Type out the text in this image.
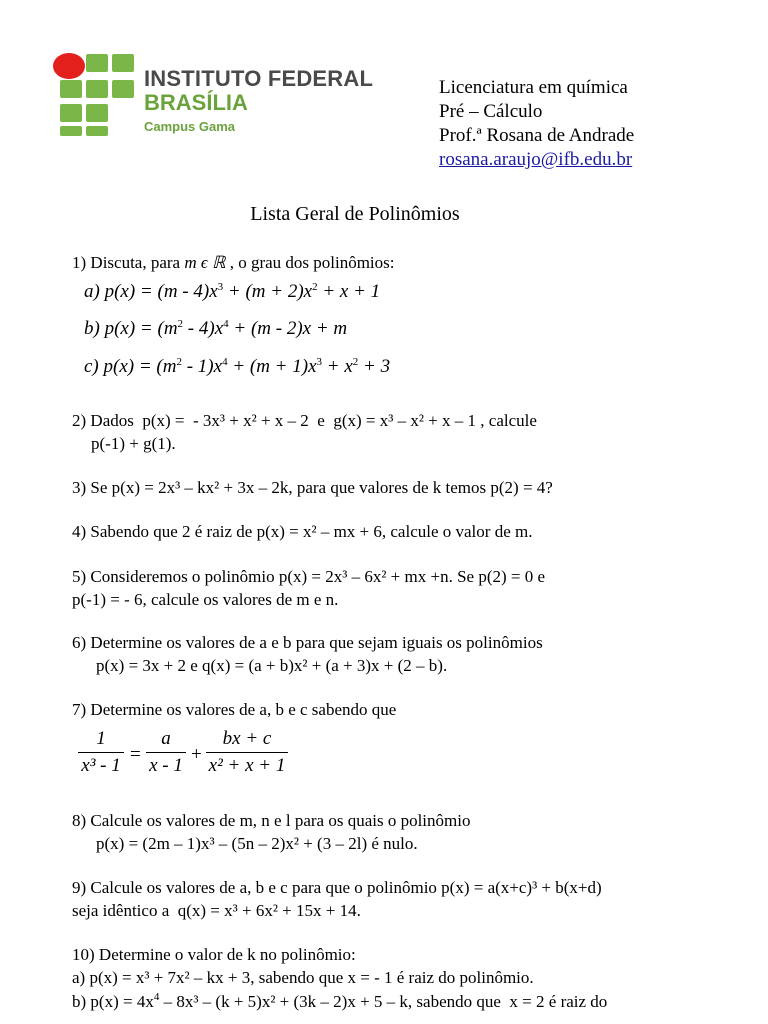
INSTITUTO FEDERAL
BRASÍLIA
Campus Gama
Licenciatura em química
Pré – Cálculo
Prof.ª Rosana de Andrade
rosana.araujo@ifb.edu.br
Lista Geral de Polinômios
1) Discuta, para m ϵ ℝ , o grau dos polinômios:
a) $p(x) = (m - 4)x^3 + (m + 2)x^2 + x + 1$
b) $p(x) = (m^2 - 4)x^4 + (m - 2)x + m$
c) $p(x) = (m^2 - 1)x^4 + (m + 1)x^3 + x^2 + 3$
2) Dados  p(x) =  - 3x³ + x² + x – 2  e  g(x) = x³ – x² + x – 1 , calcule
p(-1) + g(1).
3) Se p(x) = 2x³ – kx² + 3x – 2k, para que valores de k temos p(2) = 4?
4) Sabendo que 2 é raiz de p(x) = x² – mx + 6, calcule o valor de m.
5) Consideremos o polinômio p(x) = 2x³ – 6x² + mx +n. Se p(2) = 0 e
p(-1) = - 6, calcule os valores de m e n.
6) Determine os valores de a e b para que sejam iguais os polinômios
p(x) = 3x + 2 e q(x) = (a + b)x² + (a + 3)x + (2 – b).
7) Determine os valores de a, b e c sabendo que
$\frac{1}{\text{x³ - 1}} = \frac{a}{x - 1} + \frac{bx + c}{\text{x² + x + 1}}$
8) Calcule os valores de m, n e l para os quais o polinômio
p(x) = (2m – 1)x³ – (5n – 2)x² + (3 – 2l) é nulo.
9) Calcule os valores de a, b e c para que o polinômio p(x) = a(x+c)³ + b(x+d)
seja idêntico a  q(x) = x³ + 6x² + 15x + 14.
10) Determine o valor de k no polinômio:
a) p(x) = x³ + 7x² – kx + 3, sabendo que x = - 1 é raiz do polinômio.
b) $p(x) = 4x^4 - 8x^3 - (k + 5)x^2 + (3k - 2)x + 5 - k$, sabendo que  x = 2 é raiz do
